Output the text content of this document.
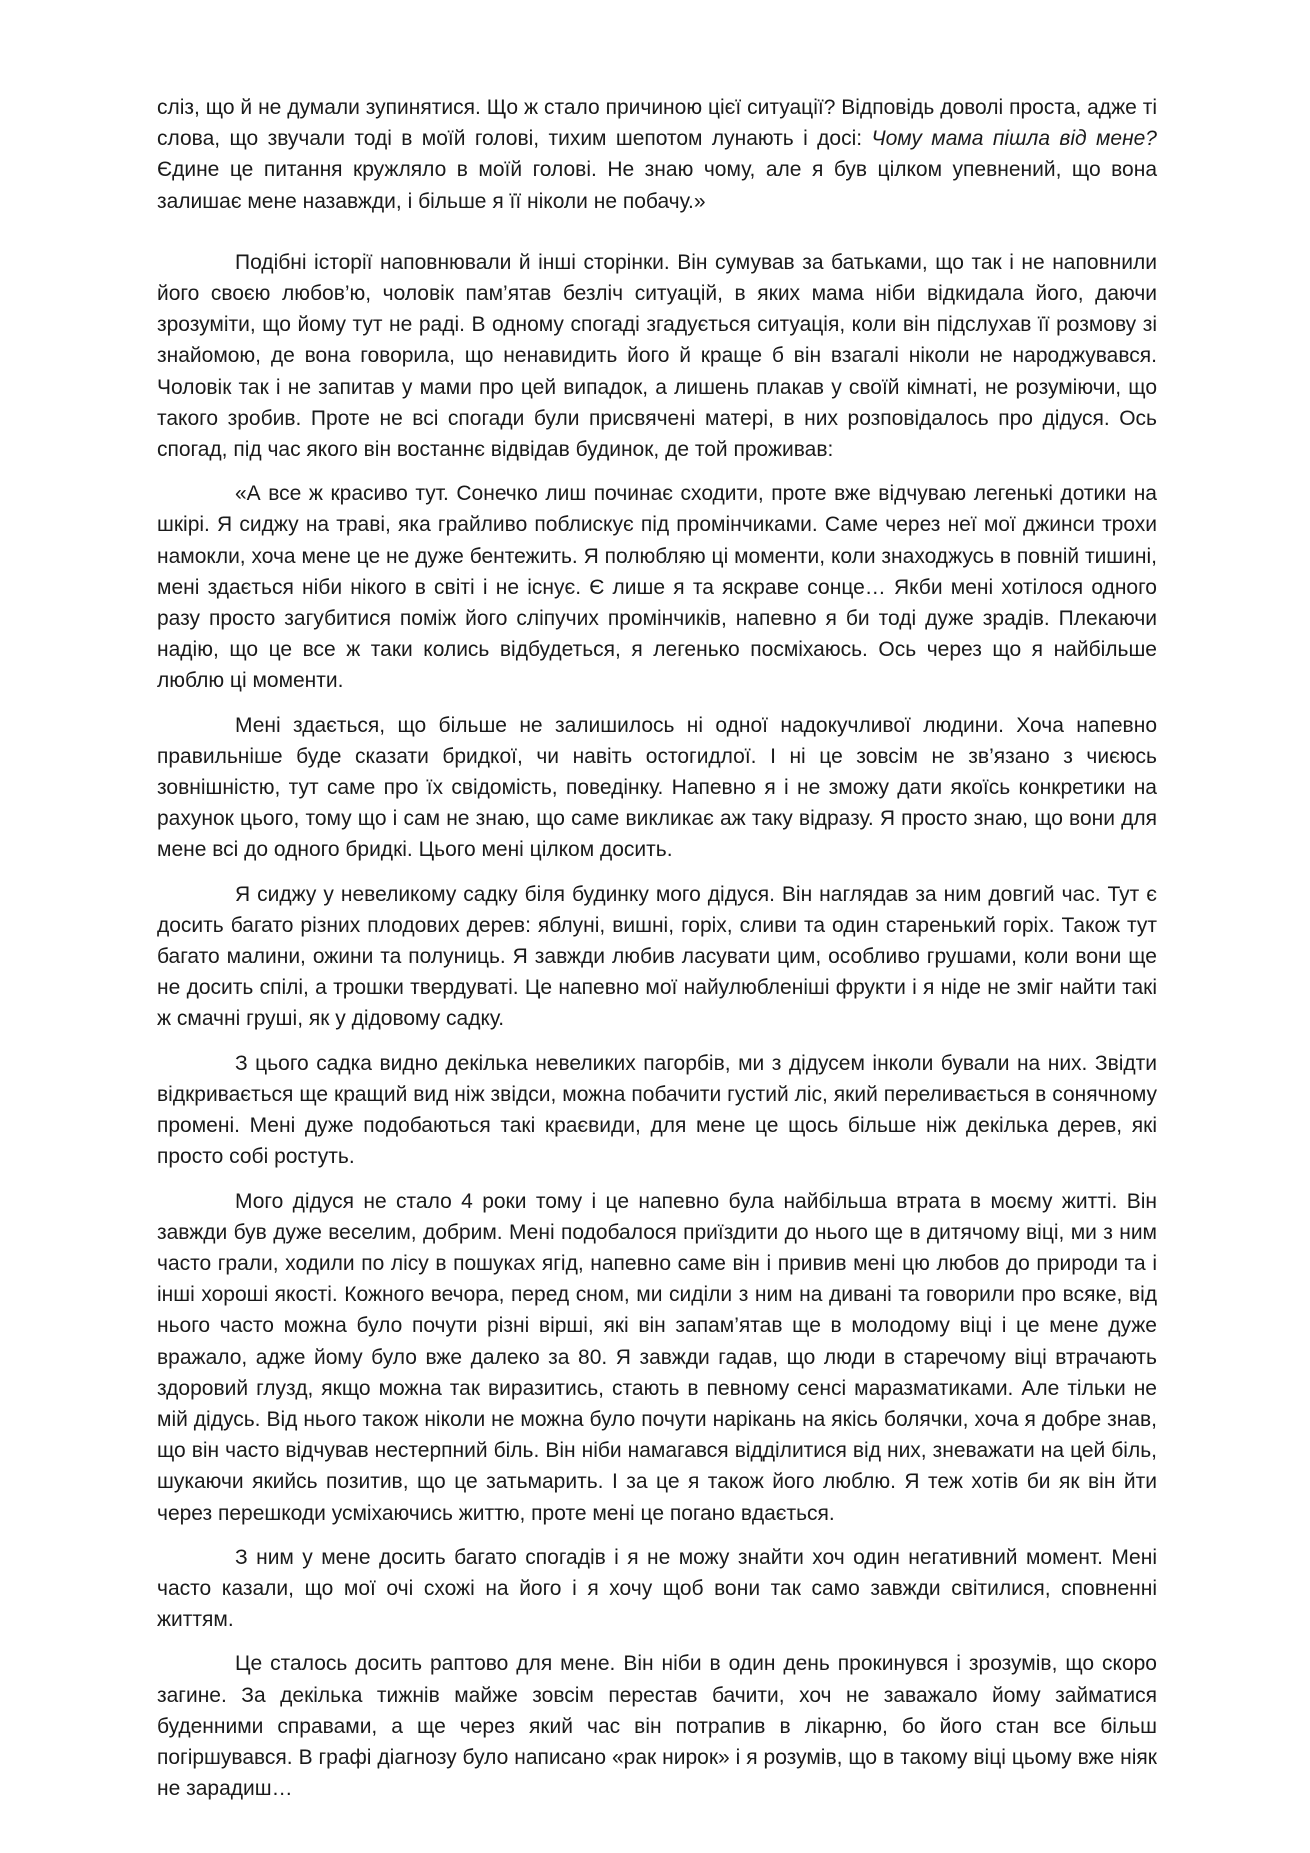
сліз, що й не думали зупинятися. Що ж стало причиною цієї ситуації? Відповідь доволі проста, адже ті слова, що звучали тоді в моїй голові, тихим шепотом лунають і досі: Чому мама пішла від мене? Єдине це питання кружляло в моїй голові. Не знаю чому, але я був цілком упевнений, що вона залишає мене назавжди, і більше я її ніколи не побачу.»

Подібні історії наповнювали й інші сторінки. Він сумував за батьками, що так і не наповнили його своєю любов’ю, чоловік пам’ятав безліч ситуацій, в яких мама ніби відкидала його, даючи зрозуміти, що йому тут не раді. В одному спогаді згадується ситуація, коли він підслухав її розмову зі знайомою, де вона говорила, що ненавидить його й краще б він взагалі ніколи не народжувався. Чоловік так і не запитав у мами про цей випадок, а лишень плакав у своїй кімнаті, не розуміючи, що такого зробив. Проте не всі спогади були присвячені матері, в них розповідалось про дідуся. Ось спогад, під час якого він востаннє відвідав будинок, де той проживав:

«А все ж красиво тут. Сонечко лиш починає сходити, проте вже відчуваю легенькі дотики на шкірі. Я сиджу на траві, яка грайливо поблискує під промінчиками. Саме через неї мої джинси трохи намокли, хоча мене це не дуже бентежить. Я полюбляю ці моменти, коли знаходжусь в повній тишині, мені здається ніби нікого в світі і не існує. Є лише я та яскраве сонце… Якби мені хотілося одного разу просто загубитися поміж його сліпучих промінчиків, напевно я би тоді дуже зрадів. Плекаючи надію, що це все ж таки колись відбудеться, я легенько посміхаюсь. Ось через що я найбільше люблю ці моменти.

Мені здається, що більше не залишилось ні одної надокучливої людини. Хоча напевно правильніше буде сказати бридкої, чи навіть остогидлої. І ні це зовсім не зв’язано з чиєюсь зовнішністю, тут саме про їх свідомість, поведінку. Напевно я і не зможу дати якоїсь конкретики на рахунок цього, тому що і сам не знаю, що саме викликає аж таку відразу. Я просто знаю, що вони для мене всі до одного бридкі. Цього мені цілком досить.

Я сиджу у невеликому садку біля будинку мого дідуся. Він наглядав за ним довгий час. Тут є досить багато різних плодових дерев: яблуні, вишні, горіх, сливи та один старенький горіх. Також тут багато малини, ожини та полуниць. Я завжди любив ласувати цим, особливо грушами, коли вони ще не досить спілі, а трошки твердуваті. Це напевно мої найулюбленіші фрукти і я ніде не зміг найти такі ж смачні груші, як у дідовому садку.

З цього садка видно декілька невеликих пагорбів, ми з дідусем інколи бували на них. Звідти відкривається ще кращий вид ніж звідси, можна побачити густий ліс, який переливається в сонячному промені. Мені дуже подобаються такі краєвиди, для мене це щось більше ніж декілька дерев, які просто собі ростуть.

Мого дідуся не стало 4 роки тому і це напевно була найбільша втрата в моєму житті. Він завжди був дуже веселим, добрим. Мені подобалося приїздити до нього ще в дитячому віці, ми з ним часто грали, ходили по лісу в пошуках ягід, напевно саме він і привив мені цю любов до природи та і інші хороші якості. Кожного вечора, перед сном, ми сиділи з ним на дивані та говорили про всяке, від нього часто можна було почути різні вірші, які він запам’ятав ще в молодому віці і це мене дуже вражало, адже йому було вже далеко за 80. Я завжди гадав, що люди в старечому віці втрачають здоровий глузд, якщо можна так виразитись, стають в певному сенсі маразматиками. Але тільки не мій дідусь. Від нього також ніколи не можна було почути нарікань на якісь болячки, хоча я добре знав, що він часто відчував нестерпний біль. Він ніби намагався відділитися від них, зневажати на цей біль, шукаючи якийсь позитив, що це затьмарить. І за це я також його люблю. Я теж хотів би як він йти через перешкоди усміхаючись життю, проте мені це погано вдається.

З ним у мене досить багато спогадів і я не можу знайти хоч один негативний момент. Мені часто казали, що мої очі схожі на його і я хочу щоб вони так само завжди світилися, сповненні життям.

Це сталось досить раптово для мене. Він ніби в один день прокинувся і зрозумів, що скоро загине. За декілька тижнів майже зовсім перестав бачити, хоч не заважало йому займатися буденними справами, а ще через який час він потрапив в лікарню, бо його стан все більш погіршувався. В графі діагнозу було написано «рак нирок» і я розумів, що в такому віці цьому вже ніяк не зарадиш…
